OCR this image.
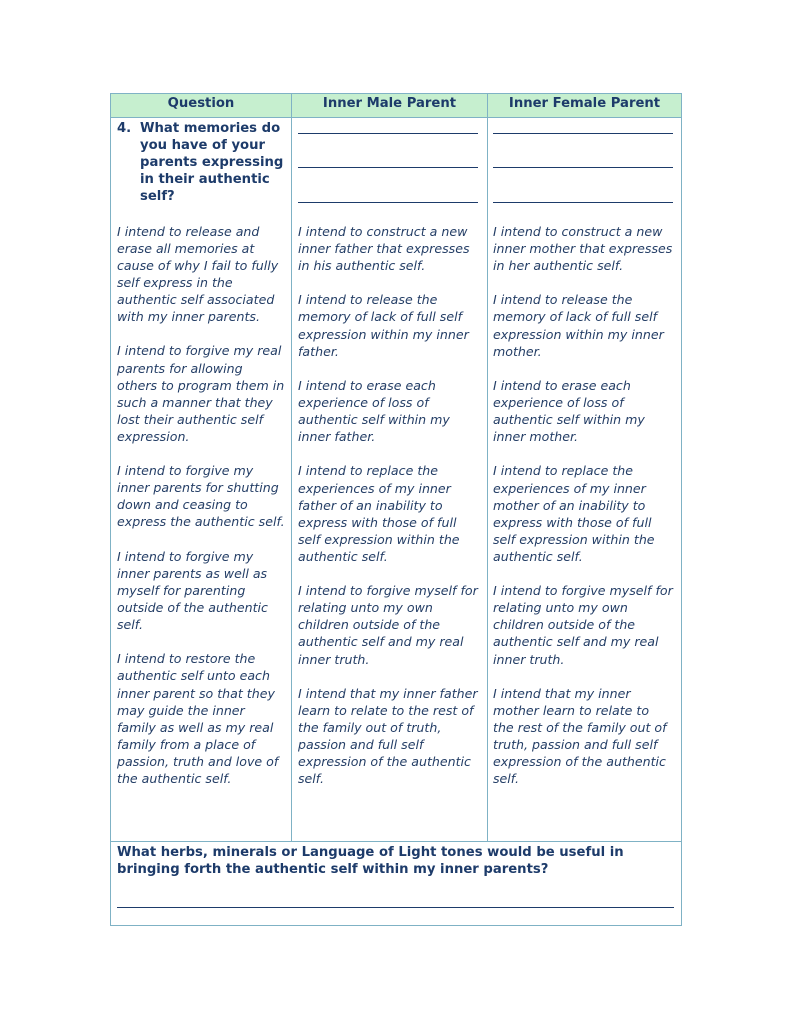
Question	Inner Male Parent	Inner Female Parent
4. What memories do you have of your parents expressing in their authentic self?

I intend to release and erase all memories at cause of why I fail to fully self express in the authentic self associated with my inner parents.

I intend to forgive my real parents for allowing others to program them in such a manner that they lost their authentic self expression.

I intend to forgive my inner parents for shutting down and ceasing to express the authentic self.

I intend to forgive my inner parents as well as myself for parenting outside of the authentic self.

I intend to restore the authentic self unto each inner parent so that they may guide the inner family as well as my real family from a place of passion, truth and love of the authentic self.

I intend to construct a new inner father that expresses in his authentic self.

I intend to release the memory of lack of full self expression within my inner father.

I intend to erase each experience of loss of authentic self within my inner father.

I intend to replace the experiences of my inner father of an inability to express with those of full self expression within the authentic self.

I intend to forgive myself for relating unto my own children outside of the authentic self and my real inner truth.

I intend that my inner father learn to relate to the rest of the family out of truth, passion and full self expression of the authentic self.

I intend to construct a new inner mother that expresses in her authentic self.

I intend to release the memory of lack of full self expression within my inner mother.

I intend to erase each experience of loss of authentic self within my inner mother.

I intend to replace the experiences of my inner mother of an inability to express with those of full self expression within the authentic self.

I intend to forgive myself for relating unto my own children outside of the authentic self and my real inner truth.

I intend that my inner mother learn to relate to the rest of the family out of truth, passion and full self expression of the authentic self.

What herbs, minerals or Language of Light tones would be useful in bringing forth the authentic self within my inner parents?
